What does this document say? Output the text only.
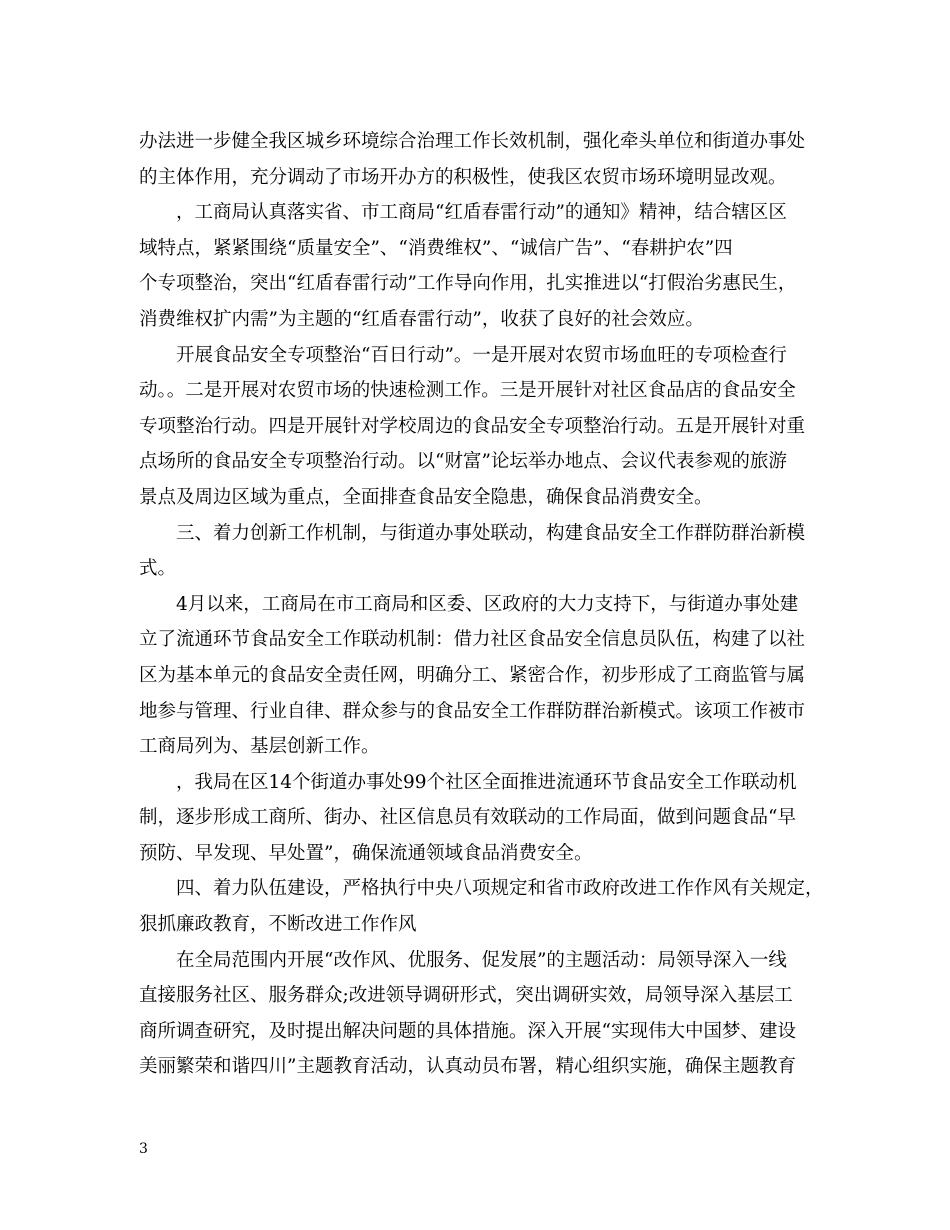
办法进一步健全我区城乡环境综合治理工作长效机制，强化牵头单位和街道办事处
的主体作用，充分调动了市场开办方的积极性，使我区农贸市场环境明显改观。
　　，工商局认真落实省、市工商局“红盾春雷行动”的通知》精神，结合辖区区
域特点，紧紧围绕“质量安全”、“消费维权”、“诚信广告”、“春耕护农”四
个专项整治，突出“红盾春雷行动”工作导向作用，扎实推进以“打假治劣惠民生，
消费维权扩内需”为主题的“红盾春雷行动”，收获了良好的社会效应。
　　开展食品安全专项整治“百日行动”。一是开展对农贸市场血旺的专项检查行
动。。二是开展对农贸市场的快速检测工作。三是开展针对社区食品店的食品安全
专项整治行动。四是开展针对学校周边的食品安全专项整治行动。五是开展针对重
点场所的食品安全专项整治行动。以“财富”论坛举办地点、会议代表参观的旅游
景点及周边区域为重点，全面排查食品安全隐患，确保食品消费安全。
　　三、着力创新工作机制，与街道办事处联动，构建食品安全工作群防群治新模
式。
　　4月以来，工商局在市工商局和区委、区政府的大力支持下，与街道办事处建
立了流通环节食品安全工作联动机制：借力社区食品安全信息员队伍，构建了以社
区为基本单元的食品安全责任网，明确分工、紧密合作，初步形成了工商监管与属
地参与管理、行业自律、群众参与的食品安全工作群防群治新模式。该项工作被市
工商局列为、基层创新工作。
　　，我局在区14个街道办事处99个社区全面推进流通环节食品安全工作联动机
制，逐步形成工商所、街办、社区信息员有效联动的工作局面，做到问题食品“早
预防、早发现、早处置”，确保流通领域食品消费安全。
　　四、着力队伍建设，严格执行中央八项规定和省市政府改进工作作风有关规定，
狠抓廉政教育，不断改进工作作风
　　在全局范围内开展“改作风、优服务、促发展”的主题活动：局领导深入一线
直接服务社区、服务群众;改进领导调研形式，突出调研实效，局领导深入基层工
商所调查研究，及时提出解决问题的具体措施。深入开展“实现伟大中国梦、建设
美丽繁荣和谐四川”主题教育活动，认真动员布署，精心组织实施，确保主题教育
3
